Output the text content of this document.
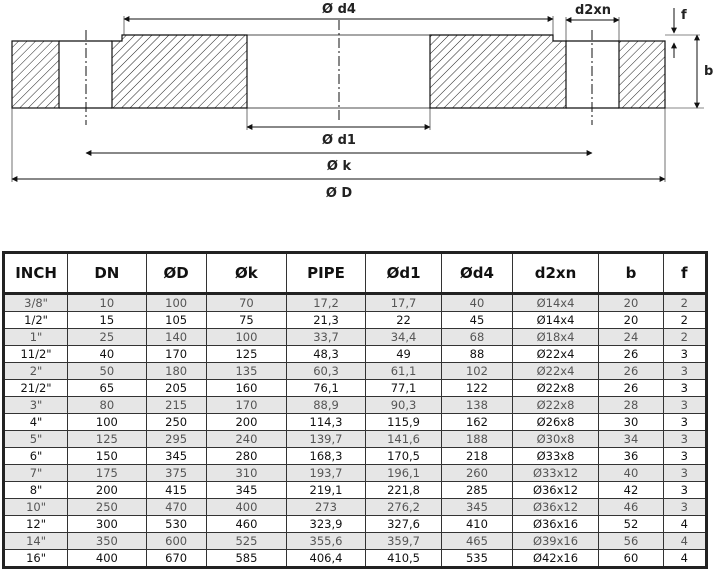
Ø d4	d2xn	f
b
Ø d1
Ø k
Ø D
INCH	DN	ØD	Øk	PIPE	Ød1	Ød4	d2xn	b	f
3/8"	10	100	70	17,2	17,7	40	Ø14x4	20	2
1/2"	15	105	75	21,3	22	45	Ø14x4	20	2
1"	25	140	100	33,7	34,4	68	Ø18x4	24	2
11/2"	40	170	125	48,3	49	88	Ø22x4	26	3
2"	50	180	135	60,3	61,1	102	Ø22x4	26	3
21/2"	65	205	160	76,1	77,1	122	Ø22x8	26	3
3"	80	215	170	88,9	90,3	138	Ø22x8	28	3
4"	100	250	200	114,3	115,9	162	Ø26x8	30	3
5"	125	295	240	139,7	141,6	188	Ø30x8	34	3
6"	150	345	280	168,3	170,5	218	Ø33x8	36	3
7"	175	375	310	193,7	196,1	260	Ø33x12	40	3
8"	200	415	345	219,1	221,8	285	Ø36x12	42	3
10"	250	470	400	273	276,2	345	Ø36x12	46	3
12"	300	530	460	323,9	327,6	410	Ø36x16	52	4
14"	350	600	525	355,6	359,7	465	Ø39x16	56	4
16"	400	670	585	406,4	410,5	535	Ø42x16	60	4
